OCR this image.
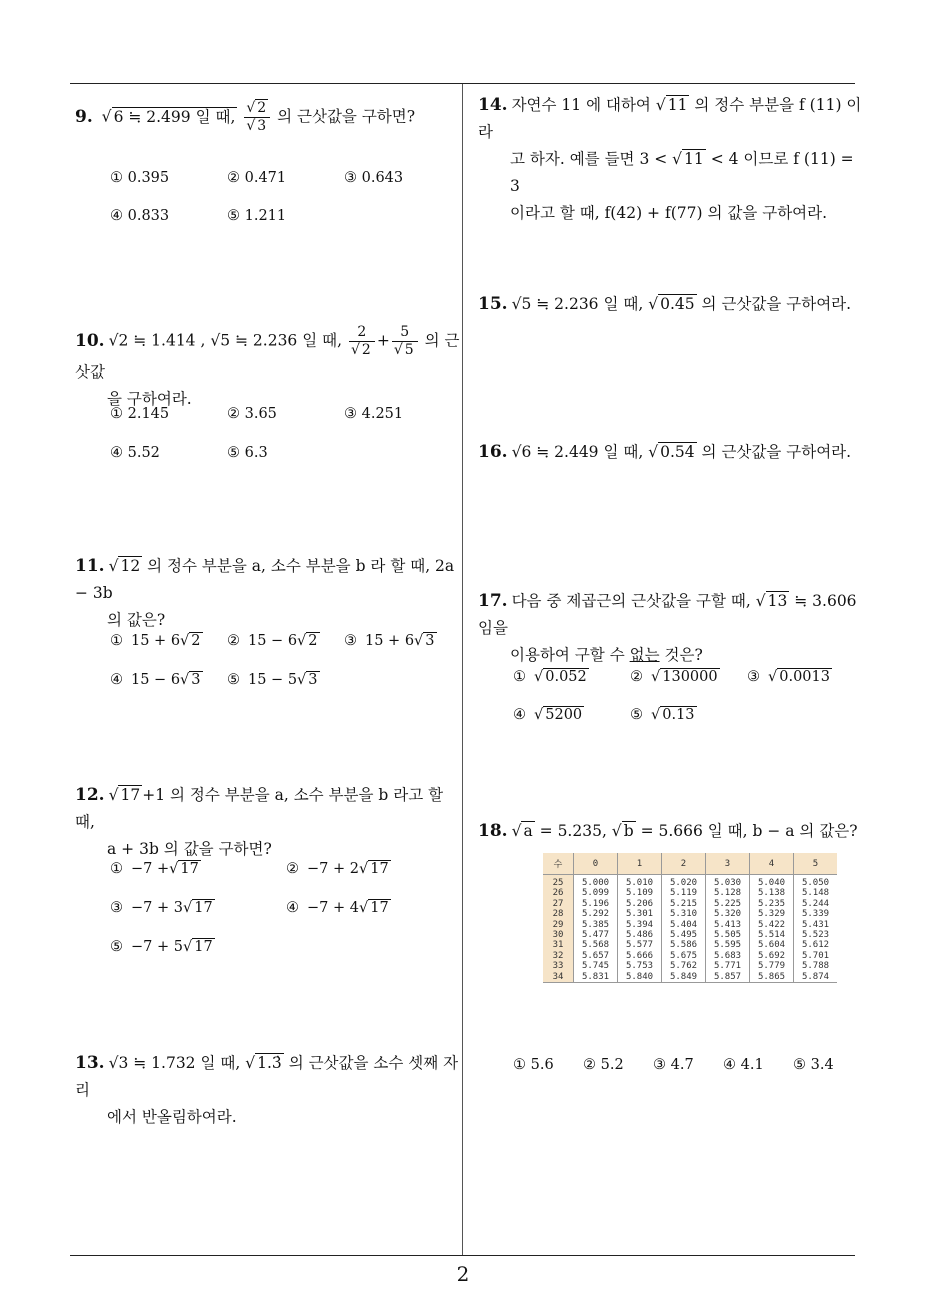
2
9. √ 6 ≒ 2.499 일 때, $\frac{√ 2}{√ 3}$ 의 근삿값을 구하면?
① 0.395	② 0.471	③ 0.643
④ 0.833	⑤ 1.211
10. √2 ≒ 1.414 , √5 ≒ 2.236 일 때, $\frac{2}{√ 2} + \frac{5}{√ 5}$ 의 근삿값
을 구하여라.
① 2.145	② 3.65	③ 4.251
④ 5.52	⑤ 6.3
11. √ 12 의 정수 부분을 a, 소수 부분을 b 라 할 때, 2a − 3b
의 값은?
① 15 + 6√ 2 ② 15 − 6√ 2 ③ 15 + 6√ 3
④ 15 − 6√ 3 ⑤ 15 − 5√ 3
12. √ 17 +1 의 정수 부분을 a, 소수 부분을 b 라고 할 때,
a + 3b 의 값을 구하면?
① −7 +√ 17	② −7 + 2√ 17
③ −7 + 3√ 17	④ −7 + 4√ 17
⑤ −7 + 5√ 17
13. √3 ≒ 1.732 일 때, √ 1.3̇ 의 근삿값을 소수 셋째 자리
에서 반올림하여라.
14. 자연수 11 에 대하여 √ 11 의 정수 부분을 f (11) 이라
고 하자. 예를 들면 3 < √ 11 < 4 이므로 f (11) = 3
이라고 할 때, f(42) + f(77) 의 값을 구하여라.
15. √5 ≒ 2.236 일 때, √ 0.45 의 근삿값을 구하여라.
16. √6 ≒ 2.449 일 때, √ 0.54 의 근삿값을 구하여라.
17. 다음 중 제곱근의 근삿값을 구할 때, √ 13 ≒ 3.606 임을
이용하여 구할 수 없는 것은?
① √ 0.052	② √ 130000 ③ √ 0.0013
④ √ 5200	⑤ √ 0.13
18. √ a = 5.235, √ b = 5.666 일 때, b − a 의 값은?
수	0	1	2	3	4	5
25	5.000	5.010	5.020	5.030	5.040	5.050
26	5.099	5.109	5.119	5.128	5.138	5.148
27	5.196	5.206	5.215	5.225	5.235	5.244
28	5.292	5.301	5.310	5.320	5.329	5.339
29	5.385	5.394	5.404	5.413	5.422	5.431
30	5.477	5.486	5.495	5.505	5.514	5.523
31	5.568	5.577	5.586	5.595	5.604	5.612
32	5.657	5.666	5.675	5.683	5.692	5.701
33	5.745	5.753	5.762	5.771	5.779	5.788
34	5.831	5.840	5.849	5.857	5.865	5.874
① 5.6 ② 5.2 ③ 4.7 ④ 4.1 ⑤ 3.4
